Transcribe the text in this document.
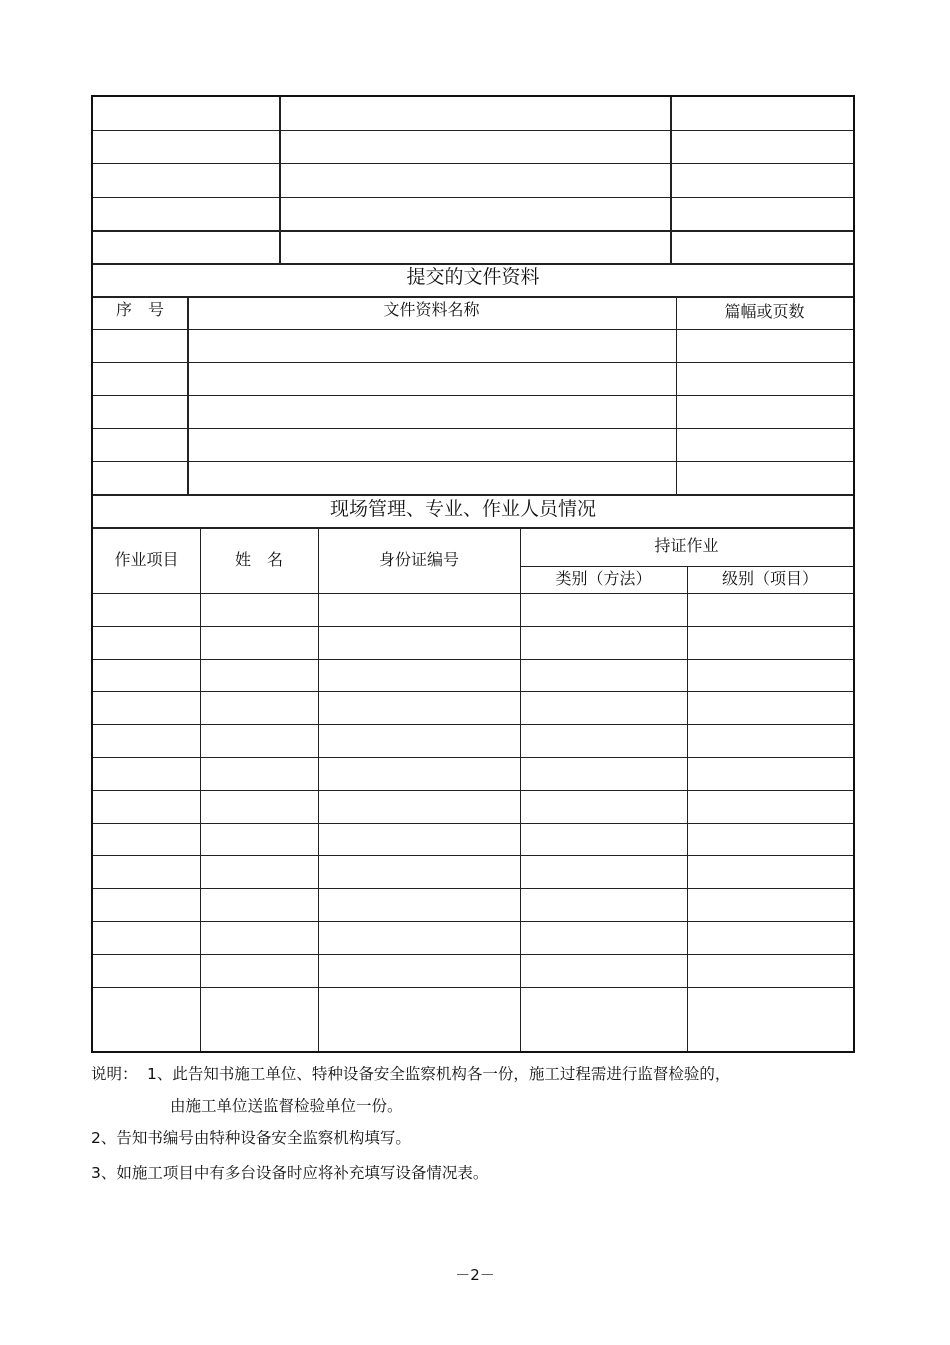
提交的文件资料
序　号	文件资料名称	篇幅或页数
现场管理、专业、作业人员情况
作业项目	姓　名	身份证编号
持证作业
类别（方法）	级别（项目）
说明： 1、此告知书施工单位、特种设备安全监察机构各一份，施工过程需进行监督检验的，
由施工单位送监督检验单位一份。
2、告知书编号由特种设备安全监察机构填写。
3、如施工项目中有多台设备时应将补充填写设备情况表。
－2－
